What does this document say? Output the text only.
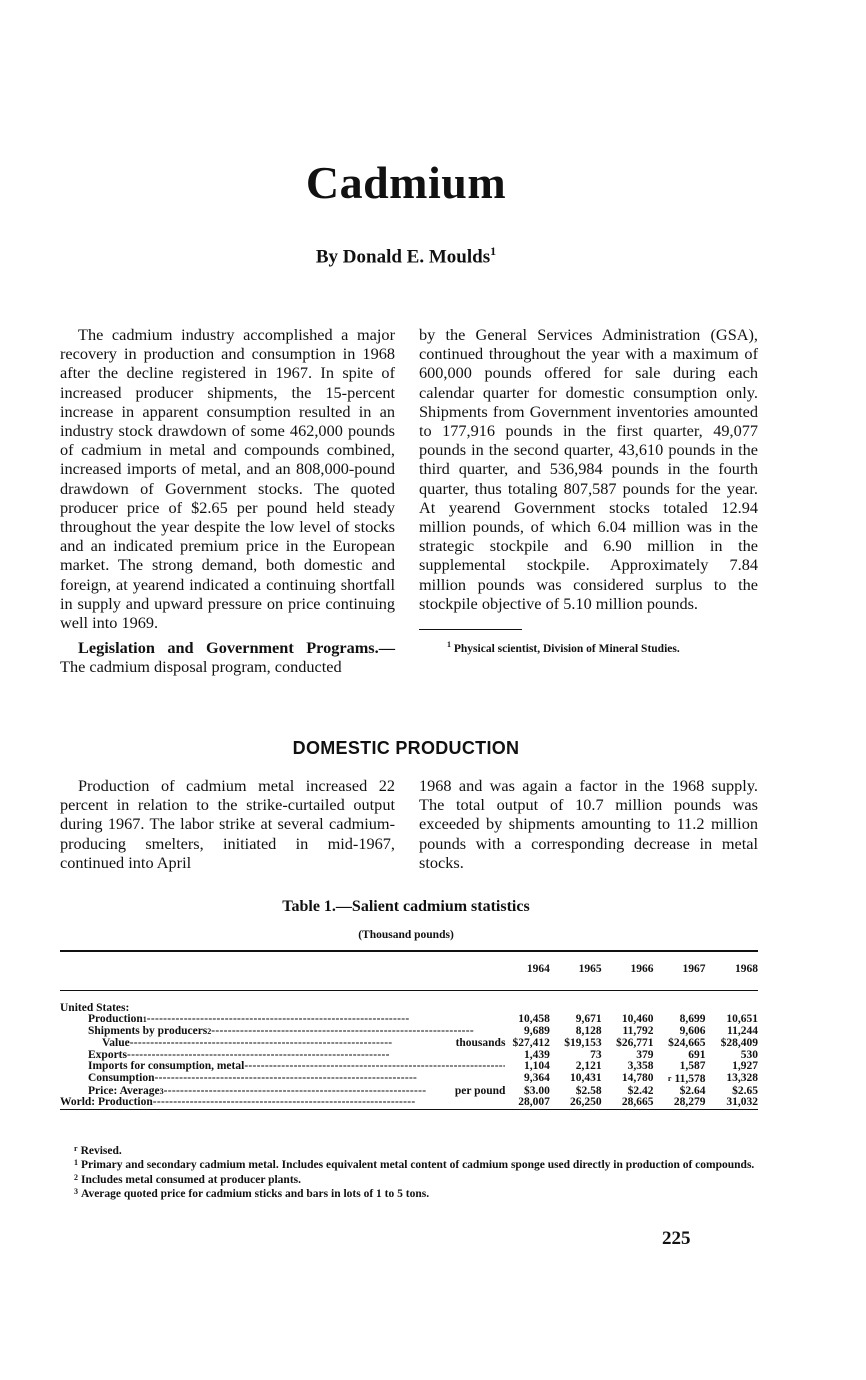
Cadmium
By Donald E. Moulds$^1$

The cadmium industry accomplished a major recovery in production and consumption in 1968 after the decline registered in 1967. In spite of increased producer shipments, the 15-percent increase in apparent consumption resulted in an industry stock drawdown of some 462,000 pounds of cadmium in metal and compounds combined, increased imports of metal, and an 808,000-pound drawdown of Government stocks. The quoted producer price of $2.65 per pound held steady throughout the year despite the low level of stocks and an indicated premium price in the European market. The strong demand, both domestic and foreign, at yearend indicated a continuing shortfall in supply and upward pressure on price continuing well into 1969.

Legislation and Government Programs.—The cadmium disposal program, conducted

by the General Services Administration (GSA), continued throughout the year with a maximum of 600,000 pounds offered for sale during each calendar quarter for domestic consumption only. Shipments from Government inventories amounted to 177,916 pounds in the first quarter, 49,077 pounds in the second quarter, 43,610 pounds in the third quarter, and 536,984 pounds in the fourth quarter, thus totaling 807,587 pounds for the year. At yearend Government stocks totaled 12.94 million pounds, of which 6.04 million was in the strategic stockpile and 6.90 million in the supplemental stockpile. Approximately 7.84 million pounds was considered surplus to the stockpile objective of 5.10 million pounds.

$^1$ Physical scientist, Division of Mineral Studies.

DOMESTIC PRODUCTION

Production of cadmium metal increased 22 percent in relation to the strike-curtailed output during 1967. The labor strike at several cadmium-producing smelters, initiated in mid-1967, continued into April

1968 and was again a factor in the 1968 supply. The total output of 10.7 million pounds was exceeded by shipments amounting to 11.2 million pounds with a corresponding decrease in metal stocks.

Table 1.—Salient cadmium statistics
(Thousand pounds)

	1964	1965	1966	1967	1968

United States:					

Production 1
- - -	10,458	9,671	10,460	8,699	10,651

Shipments by producers 2
- - -	9,689	8,128	11,792	9,606	11,244

Value - - - thousands	$27,412	$19,153	$26,771	$24,665	$28,409

Exports
- - -	1,439	73	379	691	530

Imports for consumption, metal
- - -	1,104	2,121	3,358	1,587	1,927

Consumption
- - -	9,364	10,431	14,780	r 11,578	13,328

Price: Average 3 - - - per pound	$3.00	$2.58	$2.42	$2.64	$2.65

World: Production
- - -	28,007	26,250	28,665	28,279	31,032

$^r$ Revised.
$^1$ Primary and secondary cadmium metal. Includes equivalent metal content of cadmium sponge used directly in production of compounds.
$^2$ Includes metal consumed at producer plants.
$^3$ Average quoted price for cadmium sticks and bars in lots of 1 to 5 tons.
225
